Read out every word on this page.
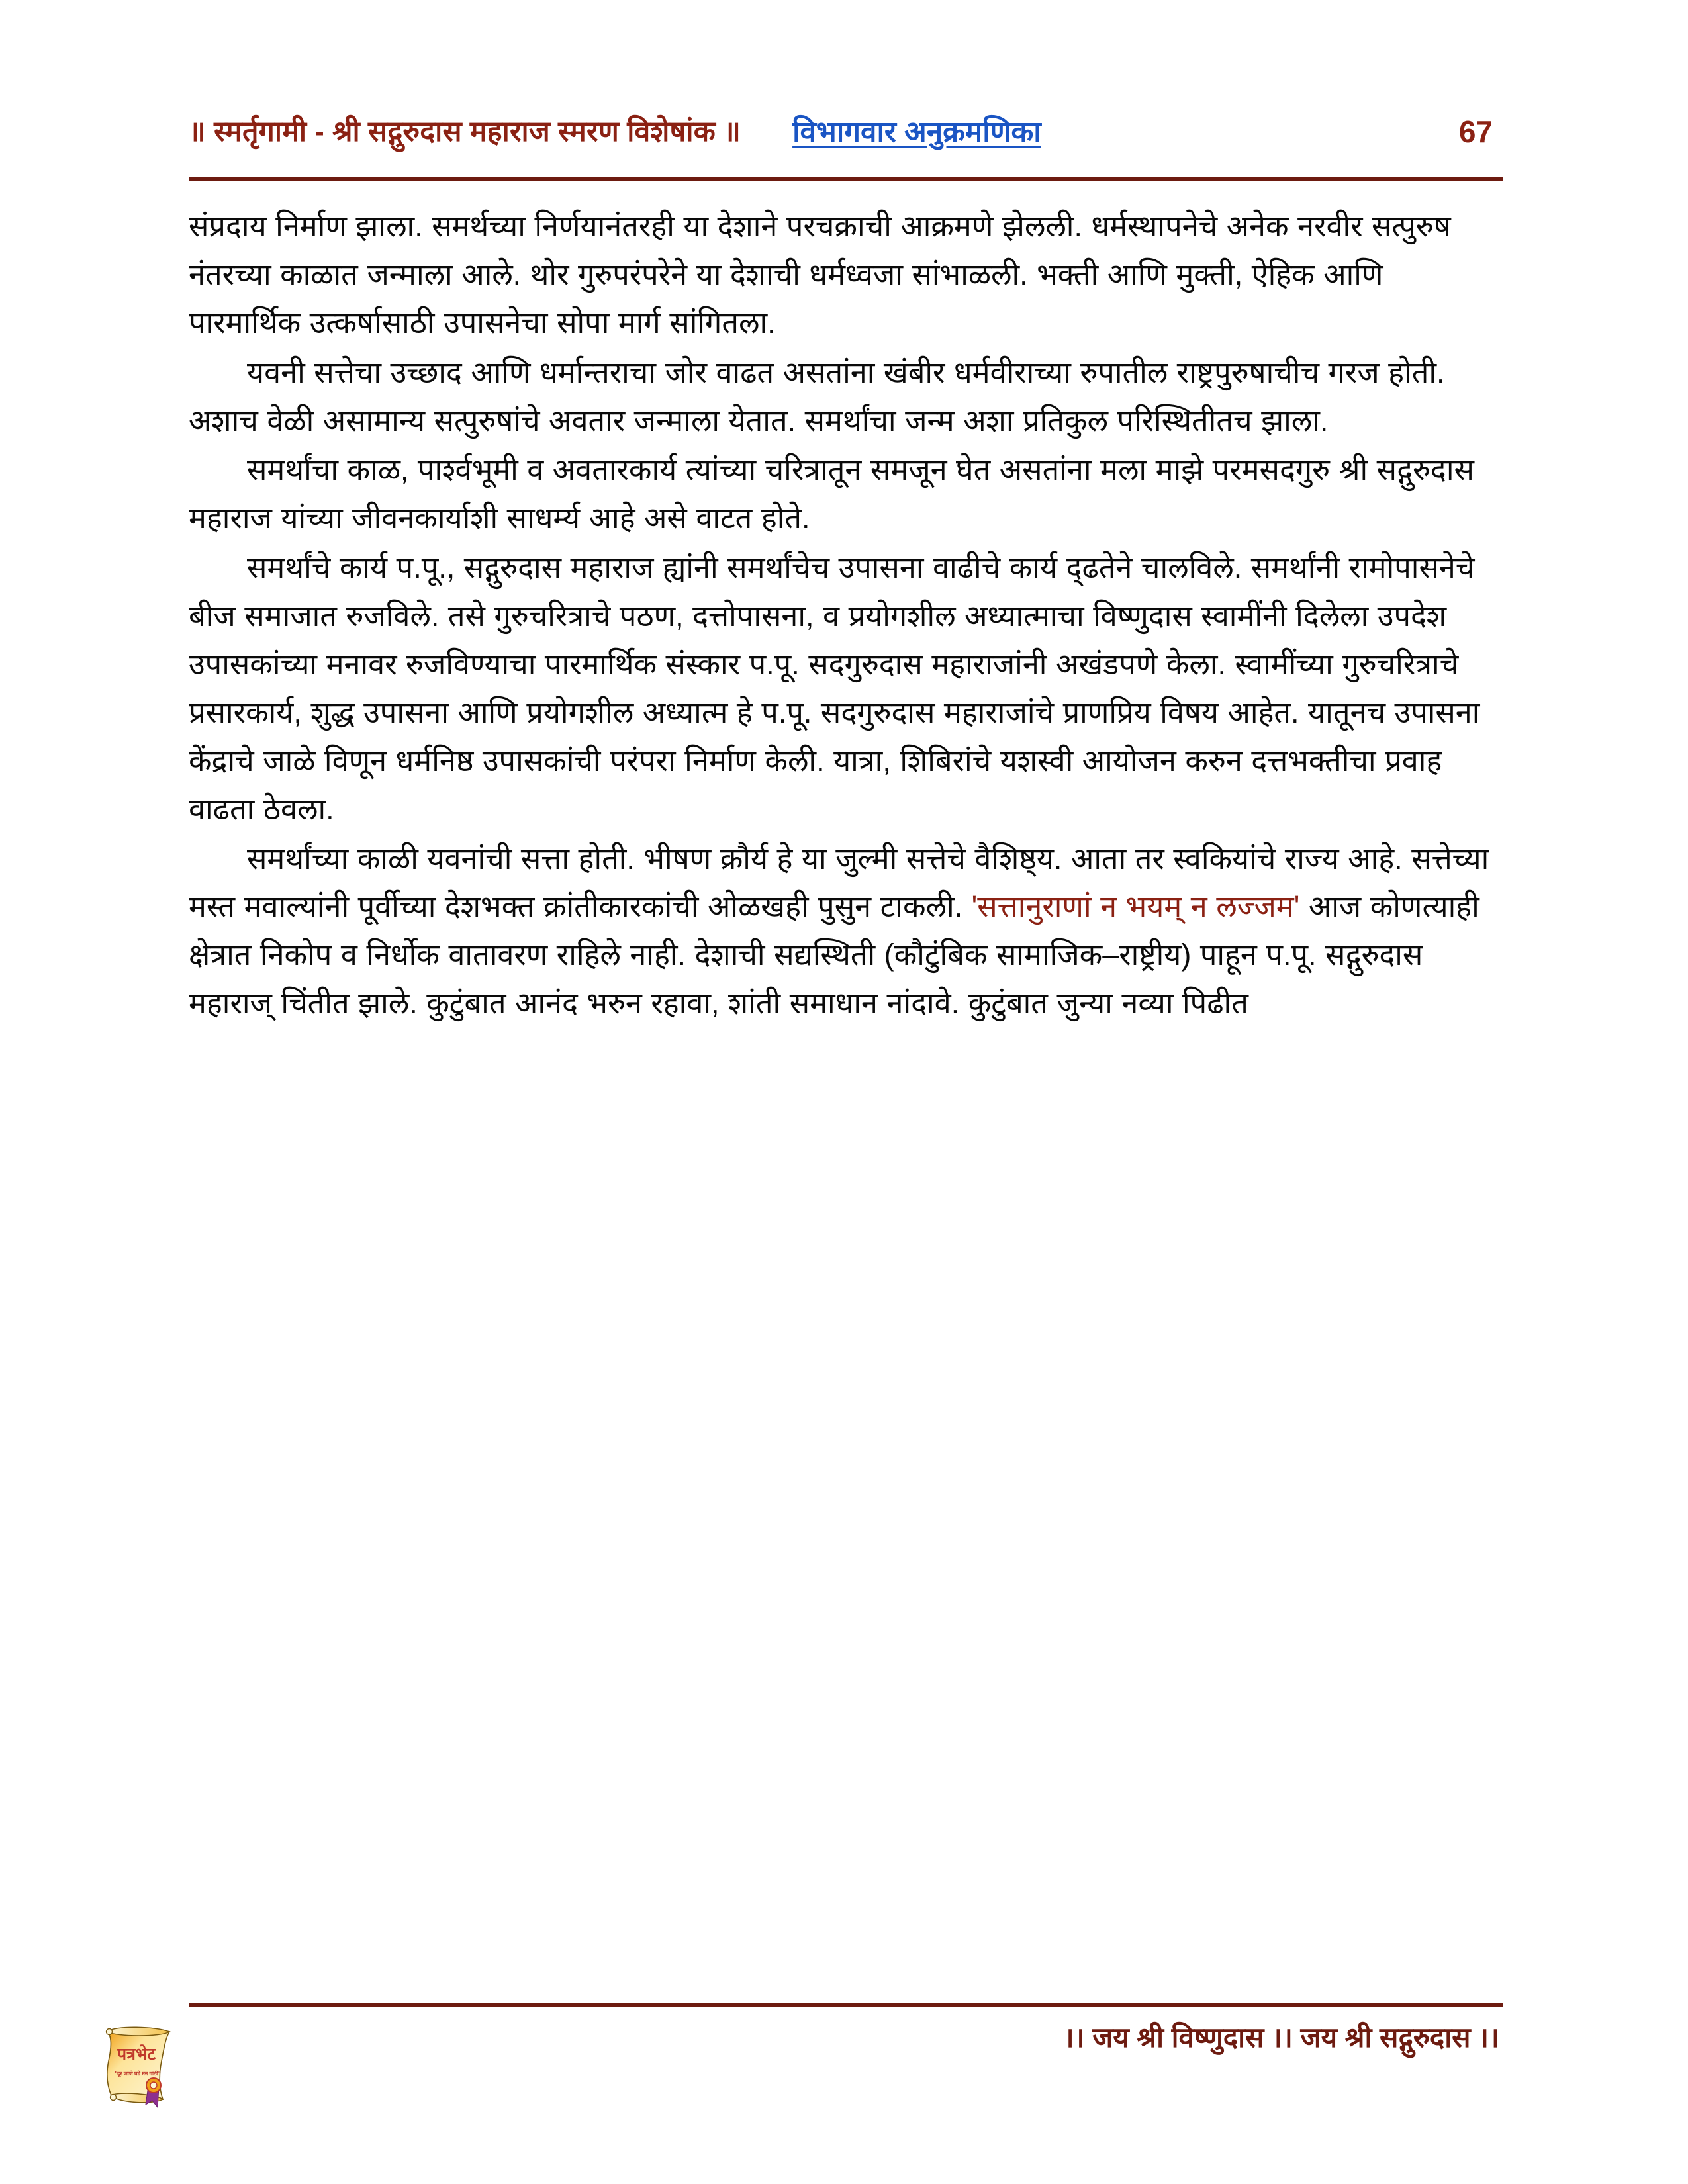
॥ स्मर्तृगामी - श्री सद्गुरुदास महाराज स्मरण विशेषांक ॥ विभागवार अनुक्रमणिका	67

संप्रदाय निर्माण झाला. समर्थच्या निर्णयानंतरही या देशाने परचक्राची आक्रमणे झेलली. धर्मस्थापनेचे अनेक नरवीर सत्पुरुष नंतरच्या काळात जन्माला आले. थोर गुरुपरंपरेने या देशाची धर्मध्वजा सांभाळली. भक्ती आणि मुक्ती, ऐहिक आणि पारमार्थिक उत्कर्षासाठी उपासनेचा सोपा मार्ग सांगितला.

यवनी सत्तेचा उच्छाद आणि धर्मान्तराचा जोर वाढत असतांना खंबीर धर्मवीराच्या रुपातील राष्ट्रपुरुषाचीच गरज होती. अशाच वेळी असामान्य सत्पुरुषांचे अवतार जन्माला येतात. समर्थांचा जन्म अशा प्रतिकुल परिस्थितीतच झाला.

समर्थांचा काळ, पार्श्वभूमी व अवतारकार्य त्यांच्या चरित्रातून समजून घेत असतांना मला माझे परमसदगुरु श्री सद्गुरुदास महाराज यांच्या जीवनकार्याशी साधर्म्य आहे असे वाटत होते.

समर्थांचे कार्य प.पू., सद्गुरुदास महाराज ह्यांनी समर्थांचेच उपासना वाढीचे कार्य द्ढतेने चालविले. समर्थांनी रामोपासनेचे बीज समाजात रुजविले. तसे गुरुचरित्राचे पठण, दत्तोपासना, व प्रयोगशील अध्यात्माचा विष्णुदास स्वामींनी दिलेला उपदेश उपासकांच्या मनावर रुजविण्याचा पारमार्थिक संस्कार प.पू. सदगुरुदास महाराजांनी अखंडपणे केला. स्वामींच्या गुरुचरित्राचे प्रसारकार्य, शुद्ध उपासना आणि प्रयोगशील अध्यात्म हे प.पू. सदगुरुदास महाराजांचे प्राणप्रिय विषय आहेत. यातूनच उपासना केंद्राचे जाळे विणून धर्मनिष्ठ उपासकांची परंपरा निर्माण केली. यात्रा, शिबिरांचे यशस्वी आयोजन करुन दत्तभक्तीचा प्रवाह वाढता ठेवला.

समर्थांच्या काळी यवनांची सत्ता होती. भीषण क्रौर्य हे या जुल्मी सत्तेचे वैशिष्ठ्य. आता तर स्वकियांचे राज्य आहे. सत्तेच्या मस्त मवाल्यांनी पूर्वीच्या देशभक्त क्रांतीकारकांची ओळखही पुसुन टाकली. 'सत्तानुराणां न भयम् न लज्जम' आज कोणत्याही क्षेत्रात निकोप व निर्धोक वातावरण राहिले नाही. देशाची सद्यस्थिती (कौटुंबिक सामाजिक–राष्ट्रीय) पाहून प.पू. सद्गुरुदास महाराज् चिंतीत झाले. कुटुंबात आनंद भरुन रहावा, शांती समाधान नांदावे. कुटुंबात जुन्या नव्या पिढीत

।। जय श्री विष्णुदास ।। जय श्री सद्गुरुदास ।।
पत्रभेट
"दूर जाणे घडे मन गांठी"
